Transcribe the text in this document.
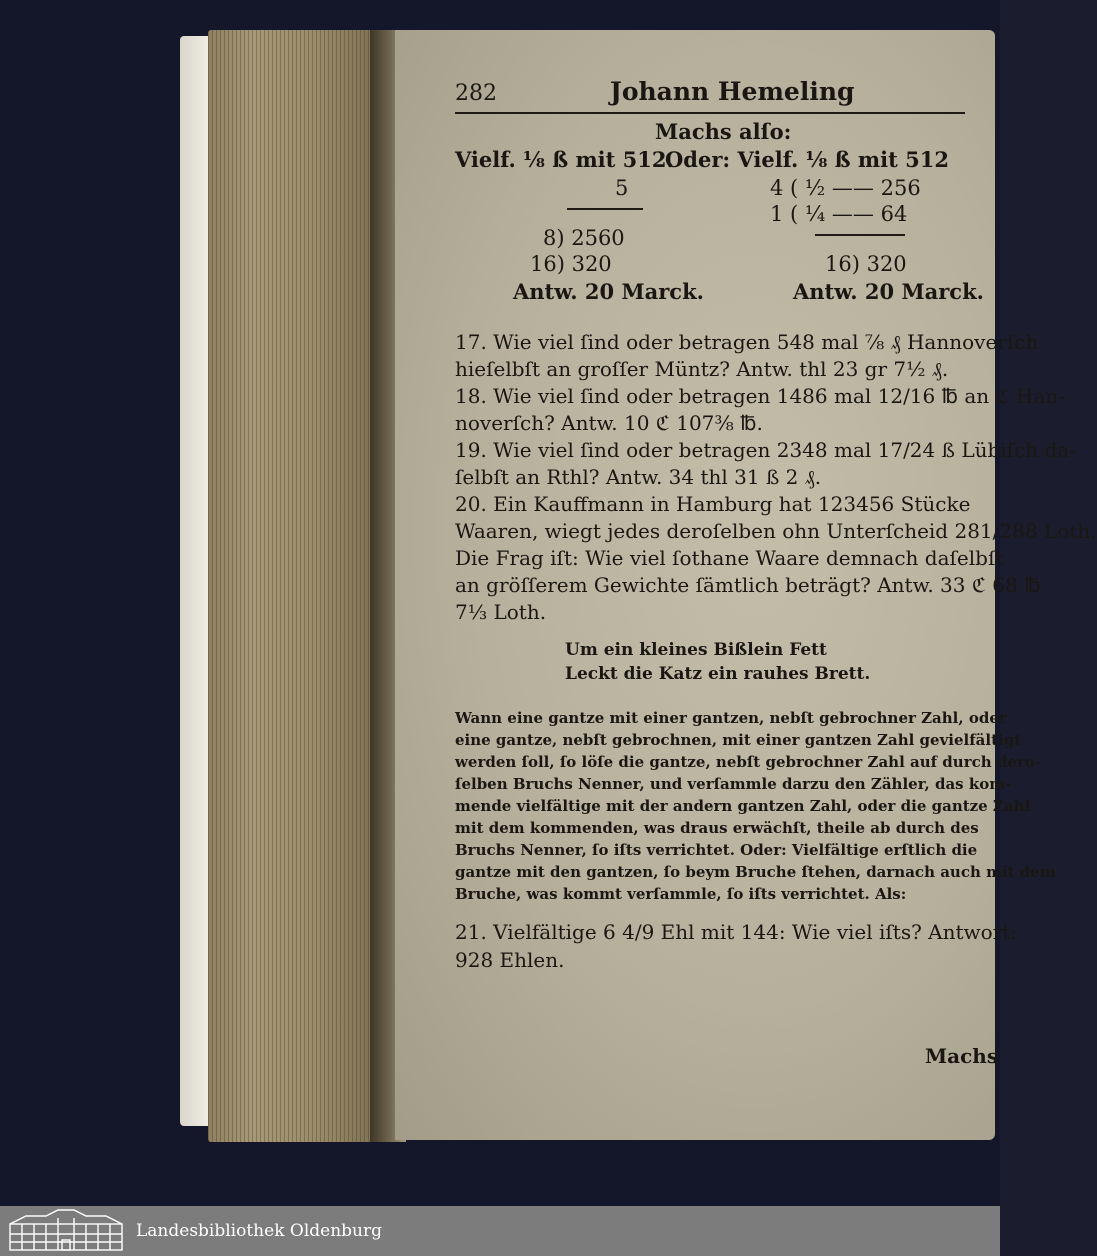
282	Johann Hemeling
Machs alſo:
Vielf. ⅛ ß mit 512.
5
8) 2560
16) 320
Antw. 20 Marck.
Oder: Vielf. ⅛ ß mit 512
4 ( ½ —— 256
1 ( ¼ —— 64
16) 320
Antw. 20 Marck.
17. Wie viel ſind oder betragen 548 mal ⅞ ₰ Hannoverſch
hieſelbſt an groſſer Müntz? Antw. thl 23 gr 7½ ₰.
18. Wie viel ſind oder betragen 1486 mal 12/16 ℔ an ℭ Han-
noverſch? Antw. 10 ℭ 107⅜ ℔.
19. Wie viel ſind oder betragen 2348 mal 17/24 ß Lübiſch da-
ſelbſt an Rthl? Antw. 34 thl 31 ß 2 ₰.
20. Ein Kauffmann in Hamburg hat 123456 Stücke
Waaren, wiegt jedes deroſelben ohn Unterſcheid 281/288 Loth.
Die Frag iſt: Wie viel ſothane Waare demnach daſelbſt
an gröſſerem Gewichte ſämtlich beträgt? Antw. 33 ℭ 68 ℔
7⅓ Loth.
Um ein kleines Bißlein Fett
Leckt die Katz ein rauhes Brett.
Wann eine gantze mit einer gantzen, nebſt gebrochner Zahl, oder
eine gantze, nebſt gebrochnen, mit einer gantzen Zahl gevielfältigt
werden ſoll, ſo löſe die gantze, nebſt gebrochner Zahl auf durch dero-
ſelben Bruchs Nenner, und verſammle darzu den Zähler, das kom-
mende vielfältige mit der andern gantzen Zahl, oder die gantze Zahl
mit dem kommenden, was draus erwächſt, theile ab durch des
Bruchs Nenner, ſo iſts verrichtet. Oder: Vielfältige erſtlich die
gantze mit den gantzen, ſo beym Bruche ſtehen, darnach auch mit dem
Bruche, was kommt verſammle, ſo iſts verrichtet. Als:
21. Vielfältige 6 4/9 Ehl mit 144: Wie viel iſts? Antwort:
928 Ehlen.
Machs
Landesbibliothek Oldenburg
